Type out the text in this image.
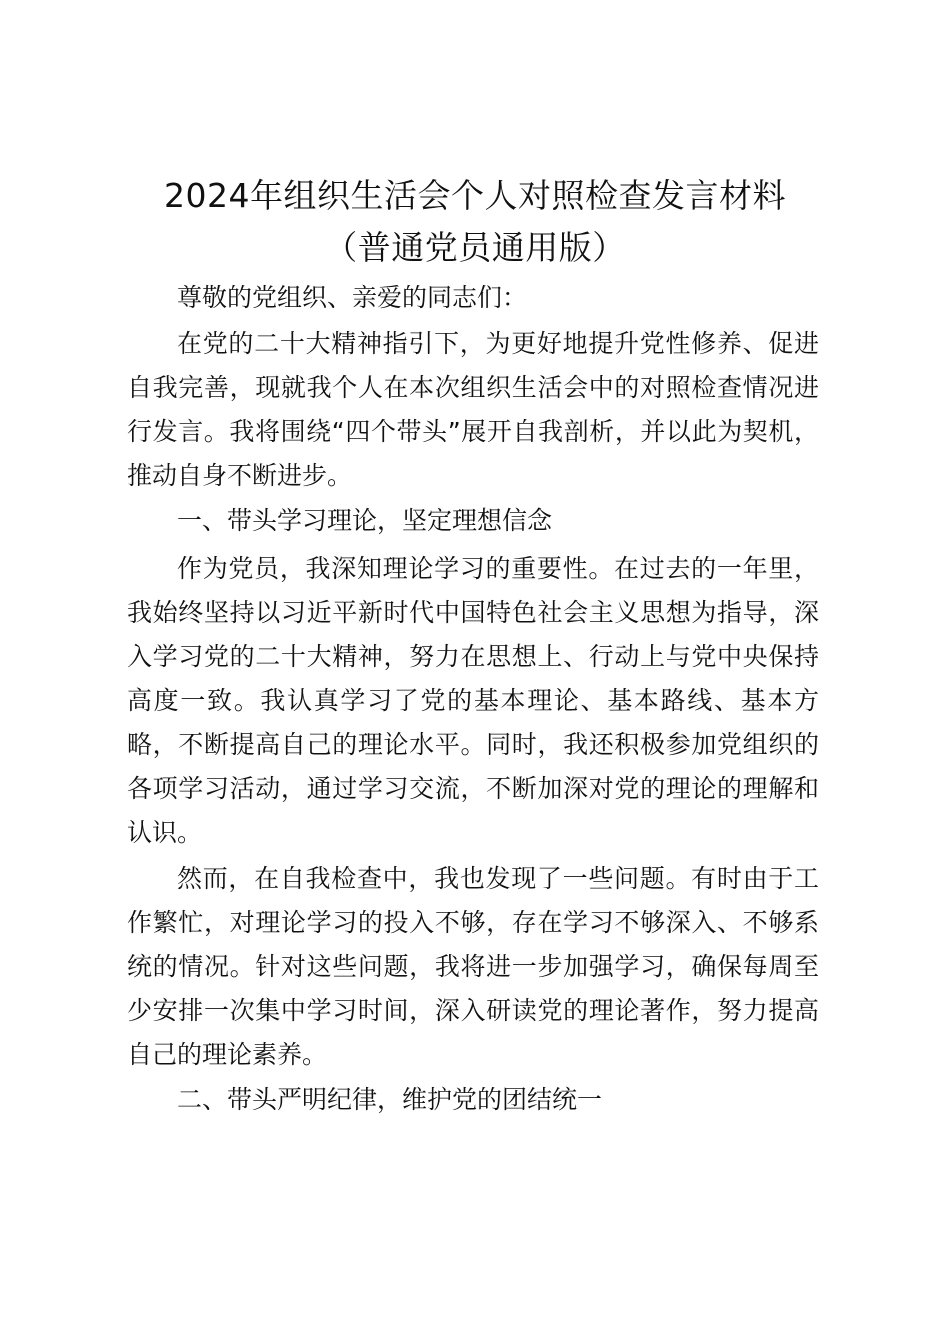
2024年组织生活会个人对照检查发言材料
（普通党员通用版）

尊敬的党组织、亲爱的同志们：

在党的二十大精神指引下，为更好地提升党性修养、促进自我完善，现就我个人在本次组织生活会中的对照检查情况进行发言。我将围绕“四个带头”展开自我剖析，并以此为契机，推动自身不断进步。

一、带头学习理论，坚定理想信念

作为党员，我深知理论学习的重要性。在过去的一年里，我始终坚持以习近平新时代中国特色社会主义思想为指导，深入学习党的二十大精神，努力在思想上、行动上与党中央保持高度一致。我认真学习了党的基本理论、基本路线、基本方略，不断提高自己的理论水平。同时，我还积极参加党组织的各项学习活动，通过学习交流，不断加深对党的理论的理解和认识。

然而，在自我检查中，我也发现了一些问题。有时由于工作繁忙，对理论学习的投入不够，存在学习不够深入、不够系统的情况。针对这些问题，我将进一步加强学习，确保每周至少安排一次集中学习时间，深入研读党的理论著作，努力提高自己的理论素养。

二、带头严明纪律，维护党的团结统一
